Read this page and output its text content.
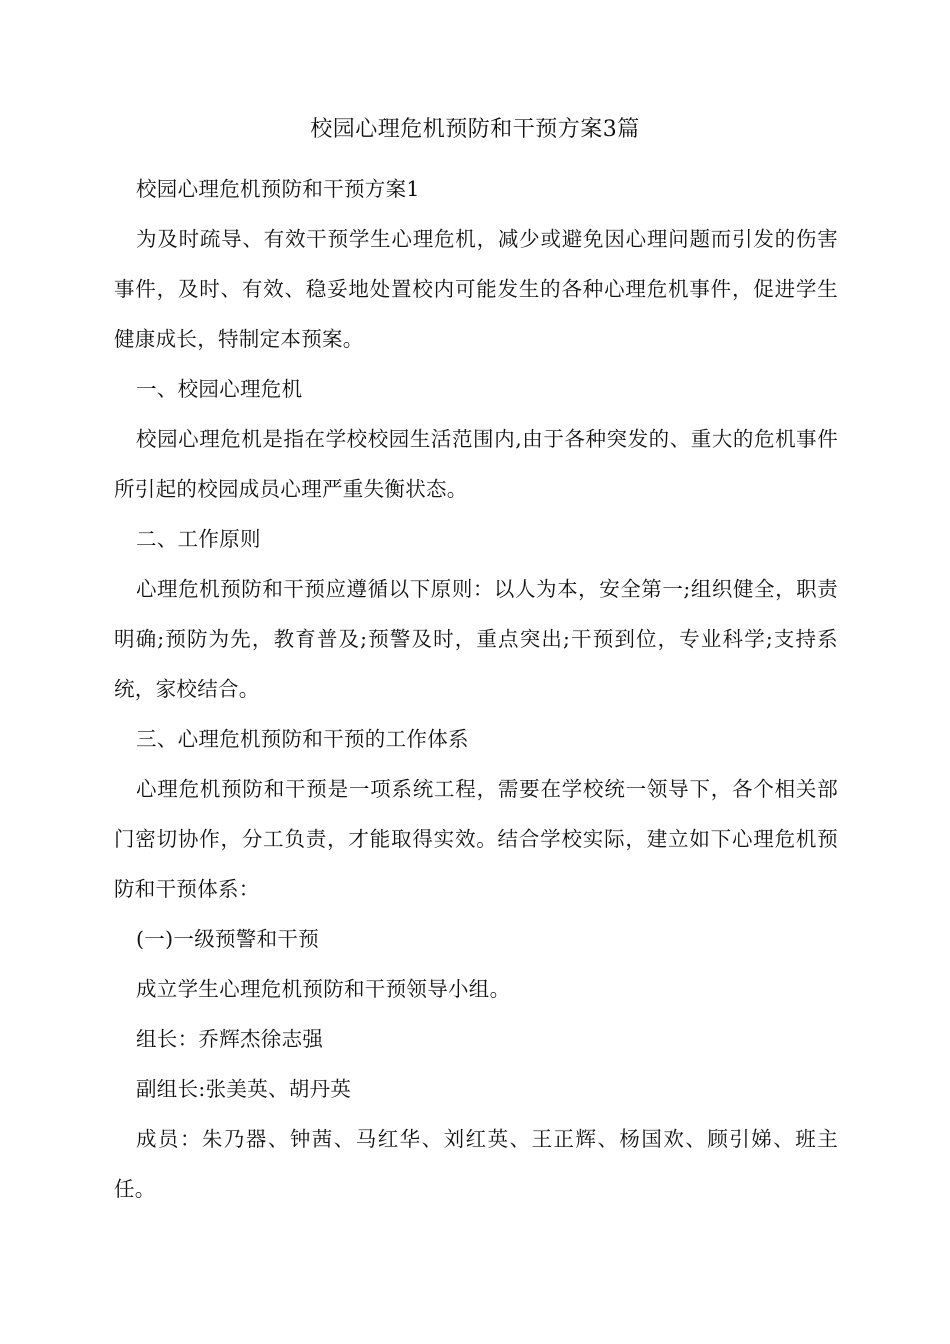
校园心理危机预防和干预方案3篇

校园心理危机预防和干预方案1

为及时疏导、有效干预学生心理危机，减少或避免因心理问题而引发的伤害事件，及时、有效、稳妥地处置校内可能发生的各种心理危机事件，促进学生健康成长，特制定本预案。

一、校园心理危机

校园心理危机是指在学校校园生活范围内,由于各种突发的、重大的危机事件所引起的校园成员心理严重失衡状态。

二、工作原则

心理危机预防和干预应遵循以下原则：以人为本，安全第一;组织健全，职责明确;预防为先，教育普及;预警及时，重点突出;干预到位，专业科学;支持系统，家校结合。

三、心理危机预防和干预的工作体系

心理危机预防和干预是一项系统工程，需要在学校统一领导下，各个相关部门密切协作，分工负责，才能取得实效。结合学校实际，建立如下心理危机预防和干预体系：

(一)一级预警和干预

成立学生心理危机预防和干预领导小组。

组长：乔辉杰徐志强

副组长:张美英、胡丹英

成员：朱乃器、钟茜、马红华、刘红英、王正辉、杨国欢、顾引娣、班主任。
